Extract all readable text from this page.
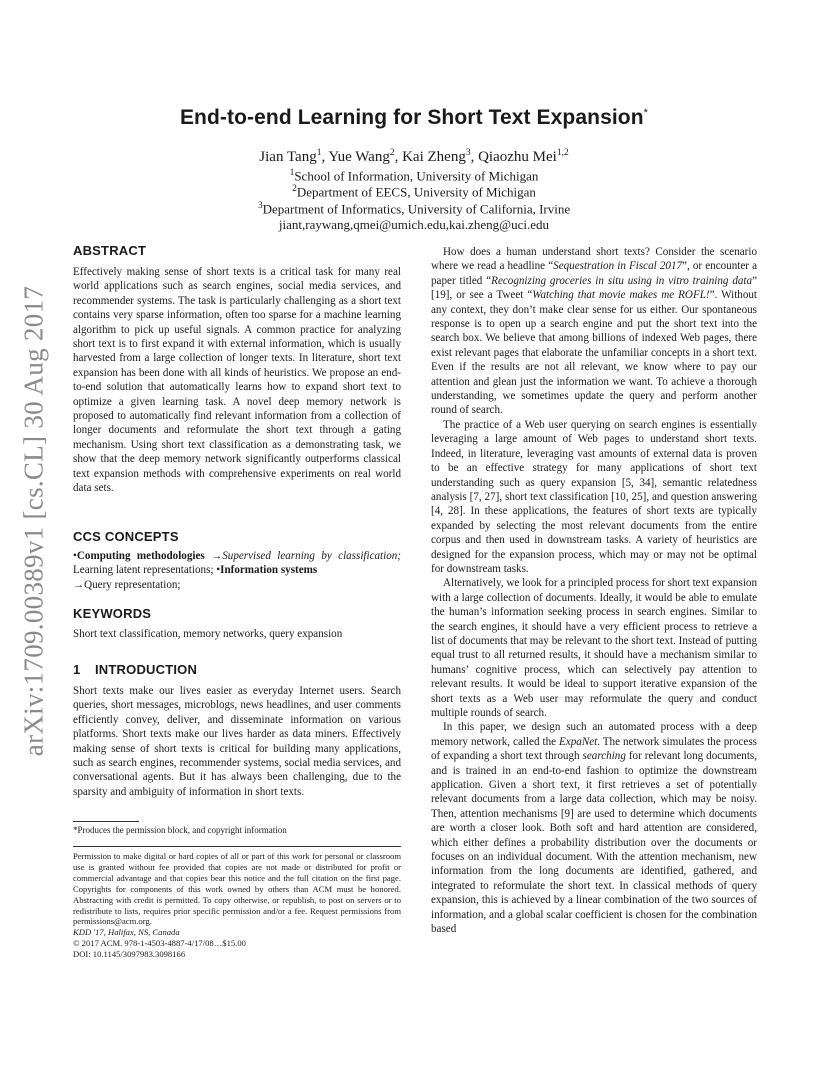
arXiv:1709.00389v1 [cs.CL] 30 Aug 2017
End-to-end Learning for Short Text Expansion*
Jian Tang$^1$, Yue Wang$^2$, Kai Zheng$^3$, Qiaozhu Mei$^{1,2}$
$^1$School of Information, University of Michigan
$^2$Department of EECS, University of Michigan
$^3$Department of Informatics, University of California, Irvine
jiant,raywang,qmei@umich.edu,kai.zheng@uci.edu
ABSTRACT

Effectively making sense of short texts is a critical task for many real world applications such as search engines, social media services, and recommender systems. The task is particularly challenging as a short text contains very sparse information, often too sparse for a machine learning algorithm to pick up useful signals. A common practice for analyzing short text is to first expand it with external information, which is usually harvested from a large collection of longer texts. In literature, short text expansion has been done with all kinds of heuristics. We propose an end-to-end solution that automatically learns how to expand short text to optimize a given learning task. A novel deep memory network is proposed to automatically find relevant information from a collection of longer documents and reformulate the short text through a gating mechanism. Using short text classification as a demonstrating task, we show that the deep memory network significantly outperforms classical text expansion methods with comprehensive experiments on real world data sets.

CCS CONCEPTS

•Computing methodologies →Supervised learning by classification; Learning latent representations; •Information systems
→Query representation;

KEYWORDS

Short text classification, memory networks, query expansion

1 INTRODUCTION

Short texts make our lives easier as everyday Internet users. Search queries, short messages, microblogs, news headlines, and user comments efficiently convey, deliver, and disseminate information on various platforms. Short texts make our lives harder as data miners. Effectively making sense of short texts is critical for building many applications, such as search engines, recommender systems, social media services, and conversational agents. But it has always been challenging, due to the sparsity and ambiguity of information in short texts.

*Produces the permission block, and copyright information

Permission to make digital or hard copies of all or part of this work for personal or classroom use is granted without fee provided that copies are not made or distributed for profit or commercial advantage and that copies bear this notice and the full citation on the first page. Copyrights for components of this work owned by others than ACM must be honored. Abstracting with credit is permitted. To copy otherwise, or republish, to post on servers or to redistribute to lists, requires prior specific permission and/or a fee. Request permissions from permissions@acm.org.

KDD '17, Halifax, NS, Canada

© 2017 ACM. 978-1-4503-4887-4/17/08…$15.00

DOI: 10.1145/3097983.3098166

How does a human understand short texts? Consider the scenario where we read a headline “Sequestration in Fiscal 2017”, or encounter a paper titled “Recognizing groceries in situ using in vitro training data” [19], or see a Tweet “Watching that movie makes me ROFL!”. Without any context, they don’t make clear sense for us either. Our spontaneous response is to open up a search engine and put the short text into the search box. We believe that among billions of indexed Web pages, there exist relevant pages that elaborate the unfamiliar concepts in a short text. Even if the results are not all relevant, we know where to pay our attention and glean just the information we want. To achieve a thorough understanding, we sometimes update the query and perform another round of search.

The practice of a Web user querying on search engines is essentially leveraging a large amount of Web pages to understand short texts. Indeed, in literature, leveraging vast amounts of external data is proven to be an effective strategy for many applications of short text understanding such as query expansion [5, 34], semantic relatedness analysis [7, 27], short text classification [10, 25], and question answering [4, 28]. In these applications, the features of short texts are typically expanded by selecting the most relevant documents from the entire corpus and then used in downstream tasks. A variety of heuristics are designed for the expansion process, which may or may not be optimal for downstream tasks.

Alternatively, we look for a principled process for short text expansion with a large collection of documents. Ideally, it would be able to emulate the human’s information seeking process in search engines. Similar to the search engines, it should have a very efficient process to retrieve a list of documents that may be relevant to the short text. Instead of putting equal trust to all returned results, it should have a mechanism similar to humans’ cognitive process, which can selectively pay attention to relevant results. It would be ideal to support iterative expansion of the short texts as a Web user may reformulate the query and conduct multiple rounds of search.

In this paper, we design such an automated process with a deep memory network, called the ExpaNet. The network simulates the process of expanding a short text through searching for relevant long documents, and is trained in an end-to-end fashion to optimize the downstream application. Given a short text, it first retrieves a set of potentially relevant documents from a large data collection, which may be noisy. Then, attention mechanisms [9] are used to determine which documents are worth a closer look. Both soft and hard attention are considered, which either defines a probability distribution over the documents or focuses on an individual document. With the attention mechanism, new information from the long documents are identified, gathered, and integrated to reformulate the short text. In classical methods of query expansion, this is achieved by a linear combination of the two sources of information, and a global scalar coefficient is chosen for the combination based
